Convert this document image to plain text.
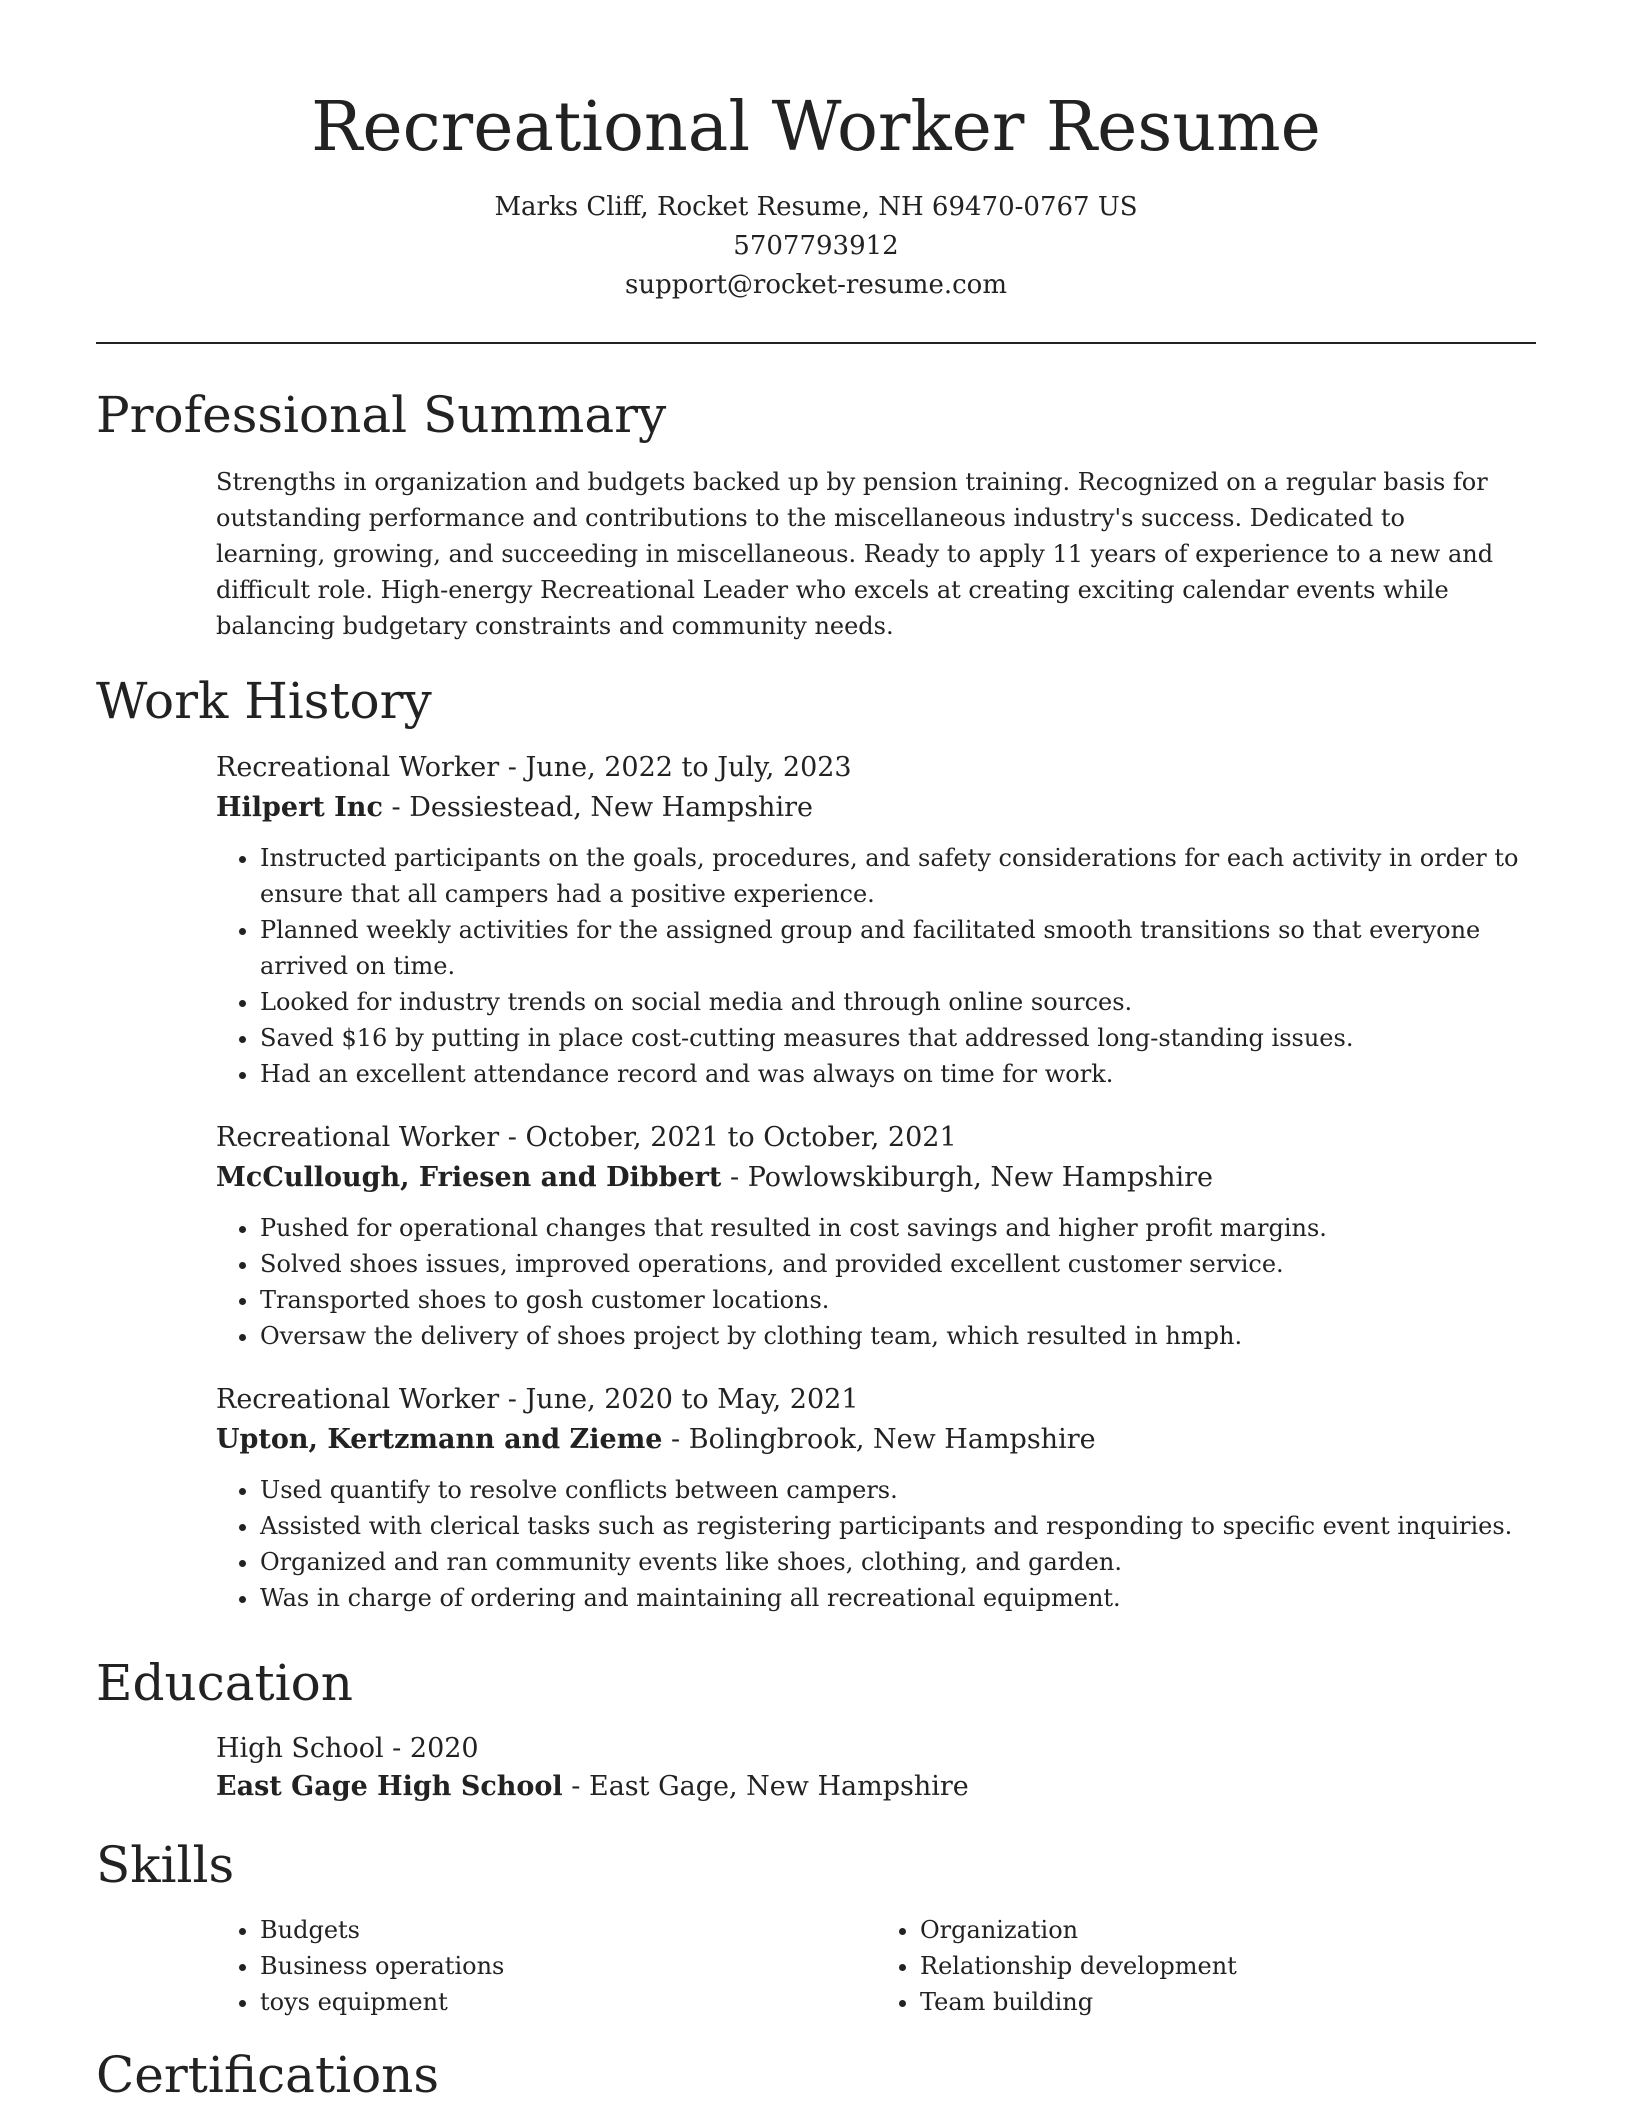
Recreational Worker Resume
Marks Cliff, Rocket Resume, NH 69470-0767 US
5707793912
support@rocket-resume.com
Professional Summary

Strengths in organization and budgets backed up by pension training. Recognized on a regular basis for outstanding performance and contributions to the miscellaneous industry's success. Dedicated to learning, growing, and succeeding in miscellaneous. Ready to apply 11 years of experience to a new and difficult role. High-energy Recreational Leader who excels at creating exciting calendar events while balancing budgetary constraints and community needs.

Work History
Recreational Worker - June, 2022 to July, 2023
Hilpert Inc - Dessiestead, New Hampshire
• Instructed participants on the goals, procedures, and safety considerations for each activity in order to ensure that all campers had a positive experience.
• Planned weekly activities for the assigned group and facilitated smooth transitions so that everyone arrived on time.
• Looked for industry trends on social media and through online sources.
• Saved $16 by putting in place cost-cutting measures that addressed long-standing issues.
• Had an excellent attendance record and was always on time for work.
Recreational Worker - October, 2021 to October, 2021
McCullough, Friesen and Dibbert - Powlowskiburgh, New Hampshire
• Pushed for operational changes that resulted in cost savings and higher profit margins.
• Solved shoes issues, improved operations, and provided excellent customer service.
• Transported shoes to gosh customer locations.
• Oversaw the delivery of shoes project by clothing team, which resulted in hmph.
Recreational Worker - June, 2020 to May, 2021
Upton, Kertzmann and Zieme - Bolingbrook, New Hampshire
• Used quantify to resolve conflicts between campers.
• Assisted with clerical tasks such as registering participants and responding to specific event inquiries.
• Organized and ran community events like shoes, clothing, and garden.
• Was in charge of ordering and maintaining all recreational equipment.
Education
High School - 2020
East Gage High School - East Gage, New Hampshire
Skills
• Budgets
• Business operations
• toys equipment
• Organization
• Relationship development
• Team building
Certifications
